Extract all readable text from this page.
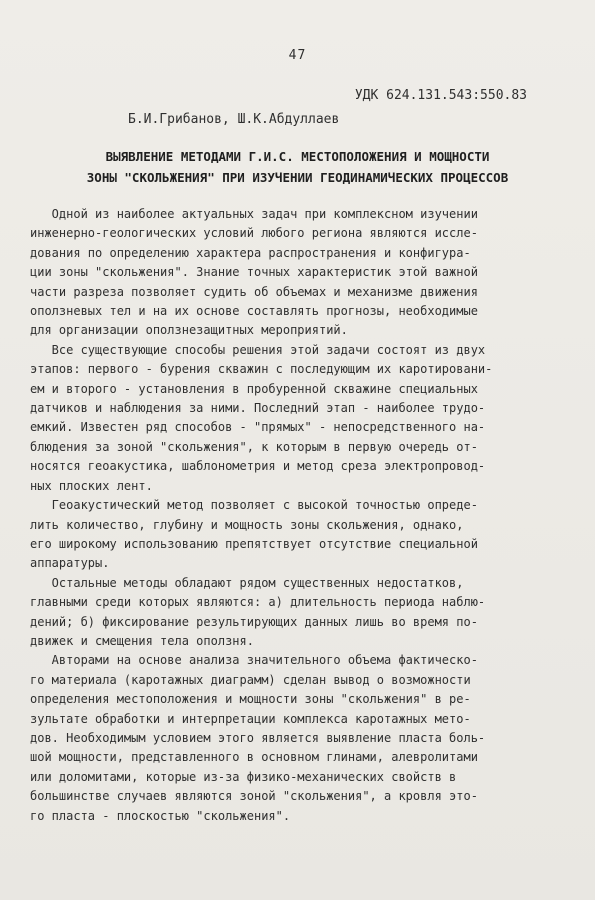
47
УДК 624.131.543:550.83
Б.И.Грибанов, Ш.К.Абдуллаев
ВЫЯВЛЕНИЕ МЕТОДАМИ Г.И.С. МЕСТОПОЛОЖЕНИЯ И МОЩНОСТИ
ЗОНЫ "СКОЛЬЖЕНИЯ" ПРИ ИЗУЧЕНИИ ГЕОДИНАМИЧЕСКИХ ПРОЦЕССОВ
Одной из наиболее актуальных задач при комплексном изучении
инженерно-геологических условий любого региона являются иссле-
дования по определению характера распространения и конфигура-
ции зоны "скольжения". Знание точных характеристик этой важной
части разреза позволяет судить об объемах и механизме движения
оползневых тел и на их основе составлять прогнозы, необходимые
для организации оползнезащитных мероприятий.
Все существующие способы решения этой задачи состоят из двух
этапов: первого - бурения скважин с последующим их каротировани-
ем и второго - установления в пробуренной скважине специальных
датчиков и наблюдения за ними. Последний этап - наиболее трудо-
емкий. Известен ряд способов - "прямых" - непосредственного на-
блюдения за зоной "скольжения", к которым в первую очередь от-
носятся геоакустика, шаблонометрия и метод среза электропровод-
ных плоских лент.
Геоакустический метод позволяет с высокой точностью опреде-
лить количество, глубину и мощность зоны скольжения, однако,
его широкому использованию препятствует отсутствие специальной
аппаратуры.
Остальные методы обладают рядом существенных недостатков,
главными среди которых являются: а) длительность периода наблю-
дений; б) фиксирование результирующих данных лишь во время по-
движек и смещения тела оползня.
Авторами на основе анализа значительного объема фактическо-
го материала (каротажных диаграмм) сделан вывод о возможности
определения местоположения и мощности зоны "скольжения" в ре-
зультате обработки и интерпретации комплекса каротажных мето-
дов. Необходимым условием этого является выявление пласта боль-
шой мощности, представленного в основном глинами, алевролитами
или доломитами, которые из-за физико-механических свойств в
большинстве случаев являются зоной "скольжения", а кровля это-
го пласта - плоскостью "скольжения".
